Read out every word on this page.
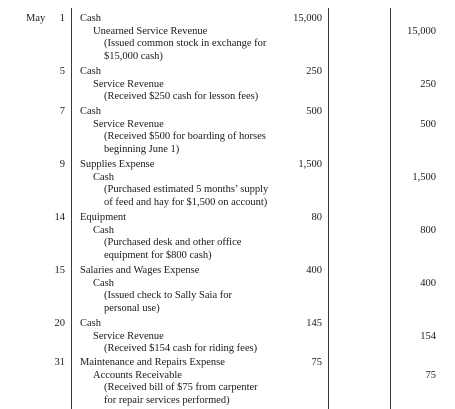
May	1 Cash	15,000
Unearned Service Revenue	15,000
(Issued common stock in exchange for
$15,000 cash)
5 Cash	250
Service Revenue	250
(Received $250 cash for lesson fees)
7 Cash	500
Service Revenue	500
(Received $500 for boarding of horses
beginning June 1)
9 Supplies Expense	1,500
Cash	1,500
(Purchased estimated 5 months’ supply
of feed and hay for $1,500 on account)
14 Equipment	80
Cash	800
(Purchased desk and other office
equipment for $800 cash)
15 Salaries and Wages Expense	400
Cash	400
(Issued check to Sally Saia for
personal use)
20 Cash	145
Service Revenue	154
(Received $154 cash for riding fees)
31 Maintenance and Repairs Expense	75
Accounts Receivable	75
(Received bill of $75 from carpenter
for repair services performed)
